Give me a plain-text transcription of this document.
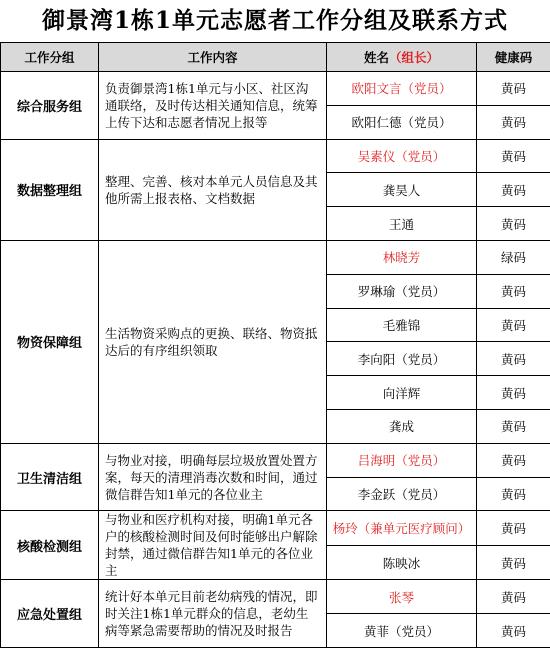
御景湾1栋1单元志愿者工作分组及联系方式
工作分组	工作内容	姓名（组长）	健康码
综合服务组	负责御景湾1栋1单元与小区、社区沟通联络，及时传达相关通知信息，统筹上传下达和志愿者情况上报等	欧阳文言（党员）	黄码
		欧阳仁德（党员）	黄码
数据整理组	整理、完善、核对本单元人员信息及其他所需上报表格、文档数据	吴素仪（党员）	黄码
		龚昊人	黄码
		王通	黄码
物资保障组	生活物资采购点的更换、联络、物资抵达后的有序组织领取	林晓芳	绿码
		罗琳瑜（党员）	黄码
		毛雅锦	黄码
		李向阳（党员）	黄码
		向洋辉	黄码
		龚成	黄码
卫生清洁组	与物业对接，明确每层垃圾放置处置方案，每天的清理消毒次数和时间，通过微信群告知1单元的各位业主	吕海明（党员）	黄码
		李金跃（党员）	黄码
核酸检测组	与物业和医疗机构对接，明确1单元各户的核酸检测时间及何时能够出户解除封禁，通过微信群告知1单元的各位业主	杨玲（兼单元医疗顾问）	黄码
		陈映冰	黄码
应急处置组	统计好本单元目前老幼病残的情况，即时关注1栋1单元群众的信息，老幼生病等紧急需要帮助的情况及时报告	张琴	黄码
		黄菲（党员）	黄码
